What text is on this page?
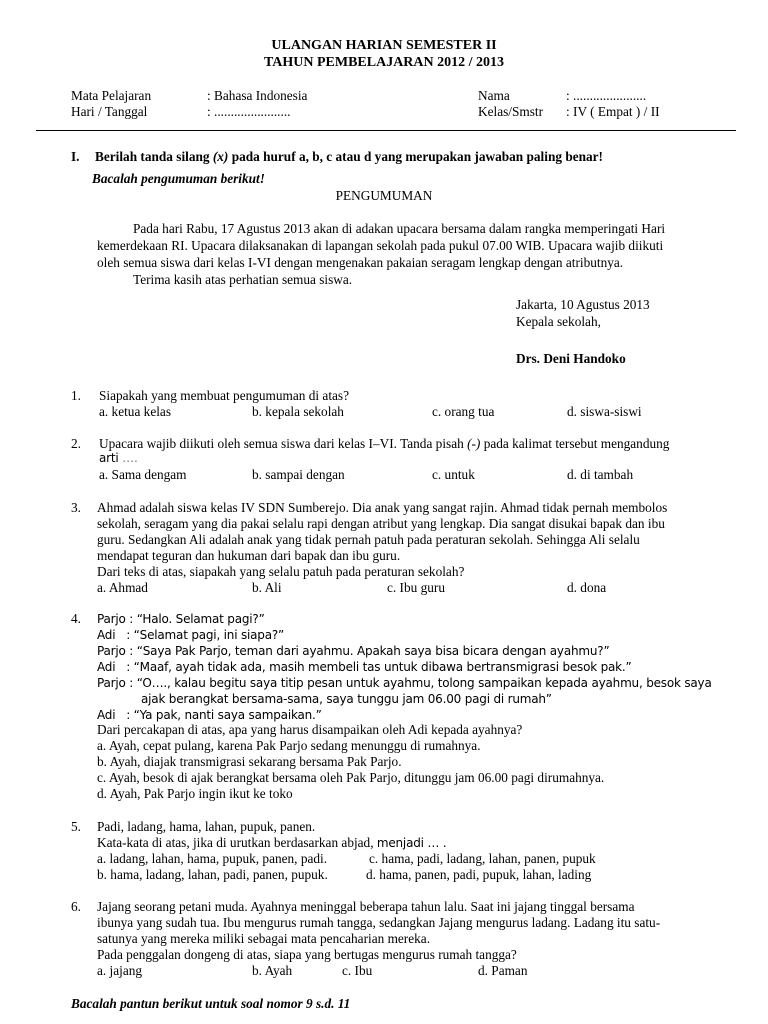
ULANGAN HARIAN SEMESTER II
TAHUN PEMBELAJARAN 2012 / 2013
Mata Pelajaran	: Bahasa Indonesia
Hari / Tanggal	: .......................
Nama	: ......................
Kelas/Smstr : IV ( Empat ) / II
I. Berilah tanda silang (x) pada huruf a, b, c atau d yang merupakan jawaban paling benar!
Bacalah pengumuman berikut!
PENGUMUMAN
Pada hari Rabu, 17 Agustus 2013 akan di adakan upacara bersama dalam rangka memperingati Hari
kemerdekaan RI. Upacara dilaksanakan di lapangan sekolah pada pukul 07.00 WIB. Upacara wajib diikuti
oleh semua siswa dari kelas I-VI dengan mengenakan pakaian seragam lengkap dengan atributnya.
Terima kasih atas perhatian semua siswa.
Jakarta, 10 Agustus 2013
Kepala sekolah,
Drs. Deni Handoko
1. Siapakah yang membuat pengumuman di atas?
a. ketua kelas	b. kepala sekolah	c. orang tua	d. siswa-siswi
2. Upacara wajib diikuti oleh semua siswa dari kelas I–VI. Tanda pisah (-) pada kalimat tersebut mengandung
arti ….
a. Sama dengam	b. sampai dengan	c. untuk	d. di tambah
3. Ahmad adalah siswa kelas IV SDN Sumberejo. Dia anak yang sangat rajin. Ahmad tidak pernah membolos
sekolah, seragam yang dia pakai selalu rapi dengan atribut yang lengkap. Dia sangat disukai bapak dan ibu
guru. Sedangkan Ali adalah anak yang tidak pernah patuh pada peraturan sekolah. Sehingga Ali selalu
mendapat teguran dan hukuman dari bapak dan ibu guru.
Dari teks di atas, siapakah yang selalu patuh pada peraturan sekolah?
a. Ahmad	b. Ali	c. Ibu guru	d. dona
4. Parjo : “Halo. Selamat pagi?”
Adi   : “Selamat pagi, ini siapa?”
Parjo : “Saya Pak Parjo, teman dari ayahmu. Apakah saya bisa bicara dengan ayahmu?”
Adi   : “Maaf, ayah tidak ada, masih membeli tas untuk dibawa bertransmigrasi besok pak.”
Parjo : “O…., kalau begitu saya titip pesan untuk ayahmu, tolong sampaikan kepada ayahmu, besok saya
ajak berangkat bersama-sama, saya tunggu jam 06.00 pagi di rumah”
Adi   : “Ya pak, nanti saya sampaikan.”
Dari percakapan di atas, apa yang harus disampaikan oleh Adi kepada ayahnya?
a. Ayah, cepat pulang, karena Pak Parjo sedang menunggu di rumahnya.
b. Ayah, diajak transmigrasi sekarang bersama Pak Parjo.
c. Ayah, besok di ajak berangkat bersama oleh Pak Parjo, ditunggu jam 06.00 pagi dirumahnya.
d. Ayah, Pak Parjo ingin ikut ke toko
5. Padi, ladang, hama, lahan, pupuk, panen.
Kata-kata di atas, jika di urutkan berdasarkan abjad, menjadi … .
a. ladang, lahan, hama, pupuk, panen, padi.
b. hama, ladang, lahan, padi, panen, pupuk.
c. hama, padi, ladang, lahan, panen, pupuk
d. hama, panen, padi, pupuk, lahan, lading
6. Jajang seorang petani muda. Ayahnya meninggal beberapa tahun lalu. Saat ini jajang tinggal bersama
ibunya yang sudah tua. Ibu mengurus rumah tangga, sedangkan Jajang mengurus ladang. Ladang itu satu-
satunya yang mereka miliki sebagai mata pencaharian mereka.
Pada penggalan dongeng di atas, siapa yang bertugas mengurus rumah tangga?
a. jajang	b. Ayah	c. Ibu	d. Paman
Bacalah pantun berikut untuk soal nomor 9 s.d. 11
